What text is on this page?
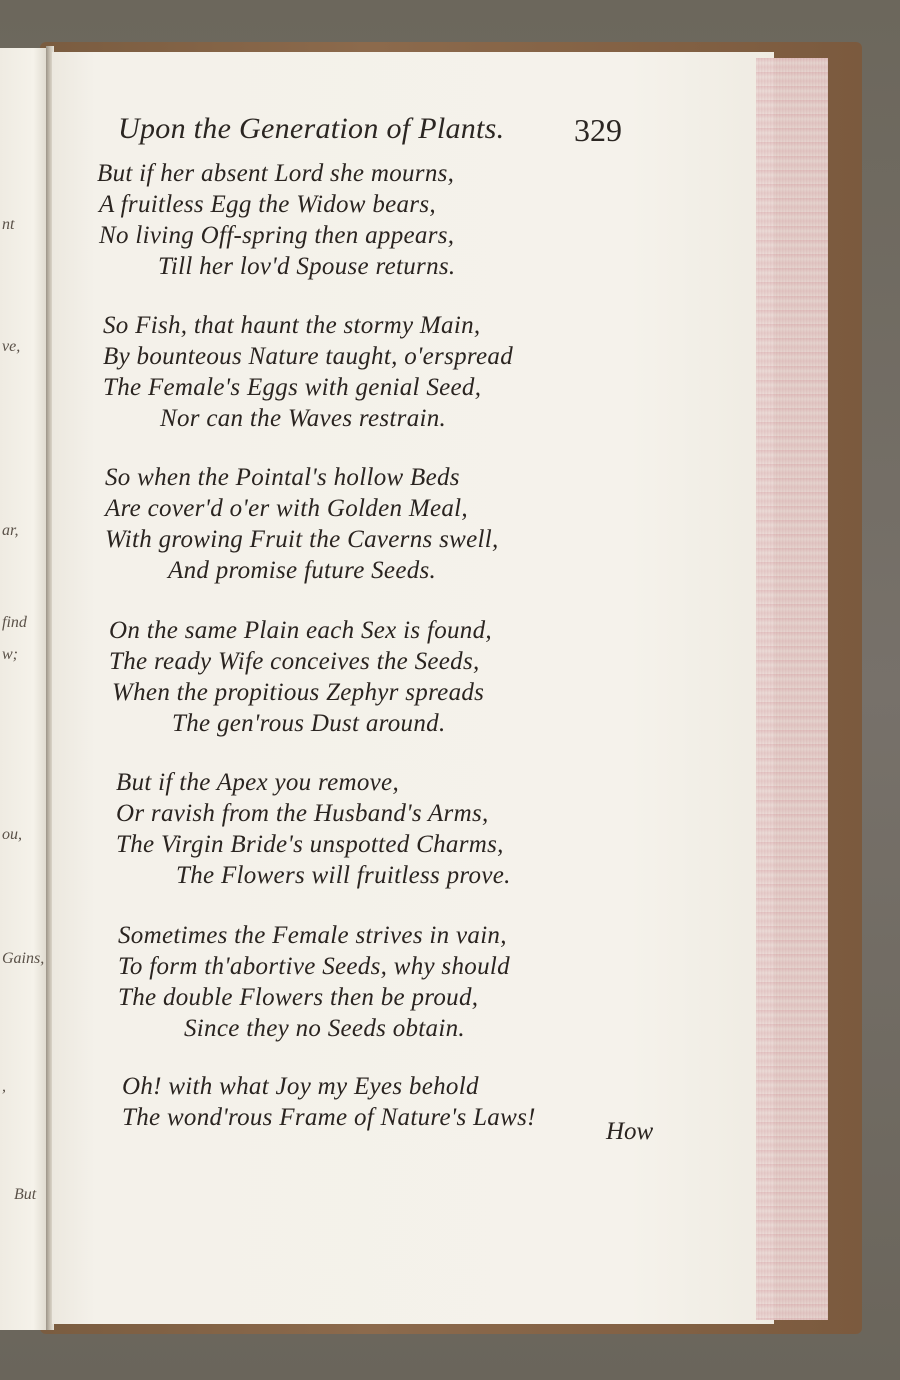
nt
ve,
ar,
find
w;
ou,
Gains,
,
But
Upon the Generation of Plants. 329
But if her absent Lord she mourns,
A fruitless Egg the Widow bears,
No living Off-spring then appears,
Till her lov'd Spouse returns.
So Fish, that haunt the stormy Main,
By bounteous Nature taught, o'erspread
The Female's Eggs with genial Seed,
Nor can the Waves restrain.
So when the Pointal's hollow Beds
Are cover'd o'er with Golden Meal,
With growing Fruit the Caverns swell,
And promise future Seeds.
On the same Plain each Sex is found,
The ready Wife conceives the Seeds,
When the propitious Zephyr spreads
The gen'rous Dust around.
But if the Apex you remove,
Or ravish from the Husband's Arms,
The Virgin Bride's unspotted Charms,
The Flowers will fruitless prove.
Sometimes the Female strives in vain,
To form th'abortive Seeds, why should
The double Flowers then be proud,
Since they no Seeds obtain.
Oh! with what Joy my Eyes behold
The wond'rous Frame of Nature's Laws!
How
